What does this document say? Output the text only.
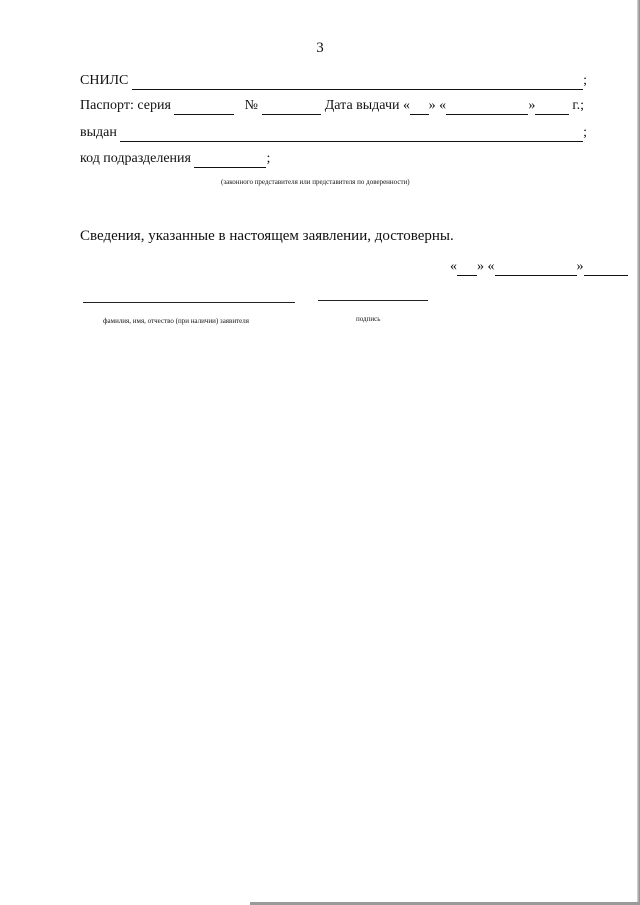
3
СНИЛС
	;
Паспорт: серия

	№

	Дата выдачи « » «	»
	г.;
выдан
	;
код подразделения
	;
(законного представителя или представителя по доверенности)
Сведения, указанные в настоящем заявлении, достоверны.
« » «	»
фамилия, имя, отчество (при наличии) заявителя	подпись
